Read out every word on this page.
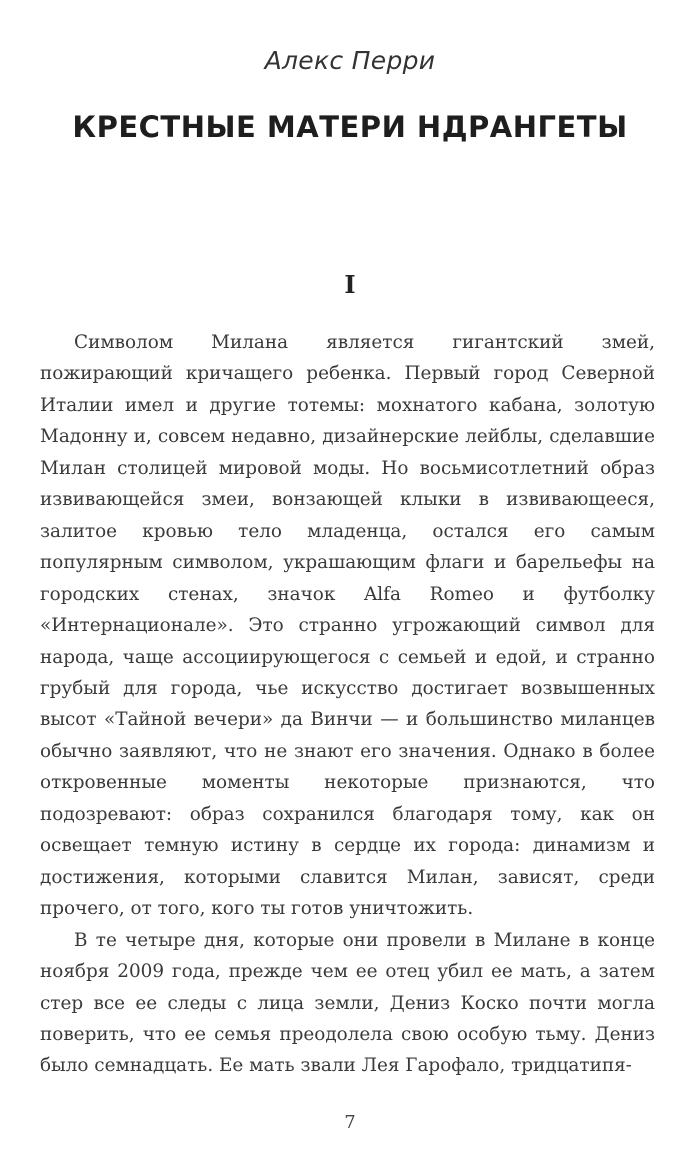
Алекс Перри
КРЕСТНЫЕ МАТЕРИ НДРАНГЕТЫ
I

Символом Милана является гигантский змей, пожирающий кричащего ребенка. Первый город Северной Италии имел и другие тотемы: мохнатого кабана, золотую Мадонну и, совсем недавно, дизайнерские лейблы, сделавшие Милан столицей мировой моды. Но восьмисотлетний образ извивающейся змеи, вонзающей клыки в извивающееся, залитое кровью тело младенца, остался его самым популярным символом, украшающим флаги и барельефы на городских стенах, значок Alfa Romeo и футболку «Интернационале». Это странно угрожающий символ для народа, чаще ассоциирующегося с семьей и едой, и странно грубый для города, чье искусство достигает возвышенных высот «Тайной вечери» да Винчи — и большинство миланцев обычно заявляют, что не знают его значения. Однако в более откровенные моменты некоторые признаются, что подозревают: образ сохранился благодаря тому, как он освещает темную истину в сердце их города: динамизм и достижения, которыми славится Милан, зависят, среди прочего, от того, кого ты готов уничтожить.

В те четыре дня, которые они провели в Милане в конце ноября 2009 года, прежде чем ее отец убил ее мать, а затем стер все ее следы с лица земли, Дениз Коско почти могла поверить, что ее семья преодолела свою особую тьму. Дениз было семнадцать. Ее мать звали Лея Гарофало, тридцатипя-

7
